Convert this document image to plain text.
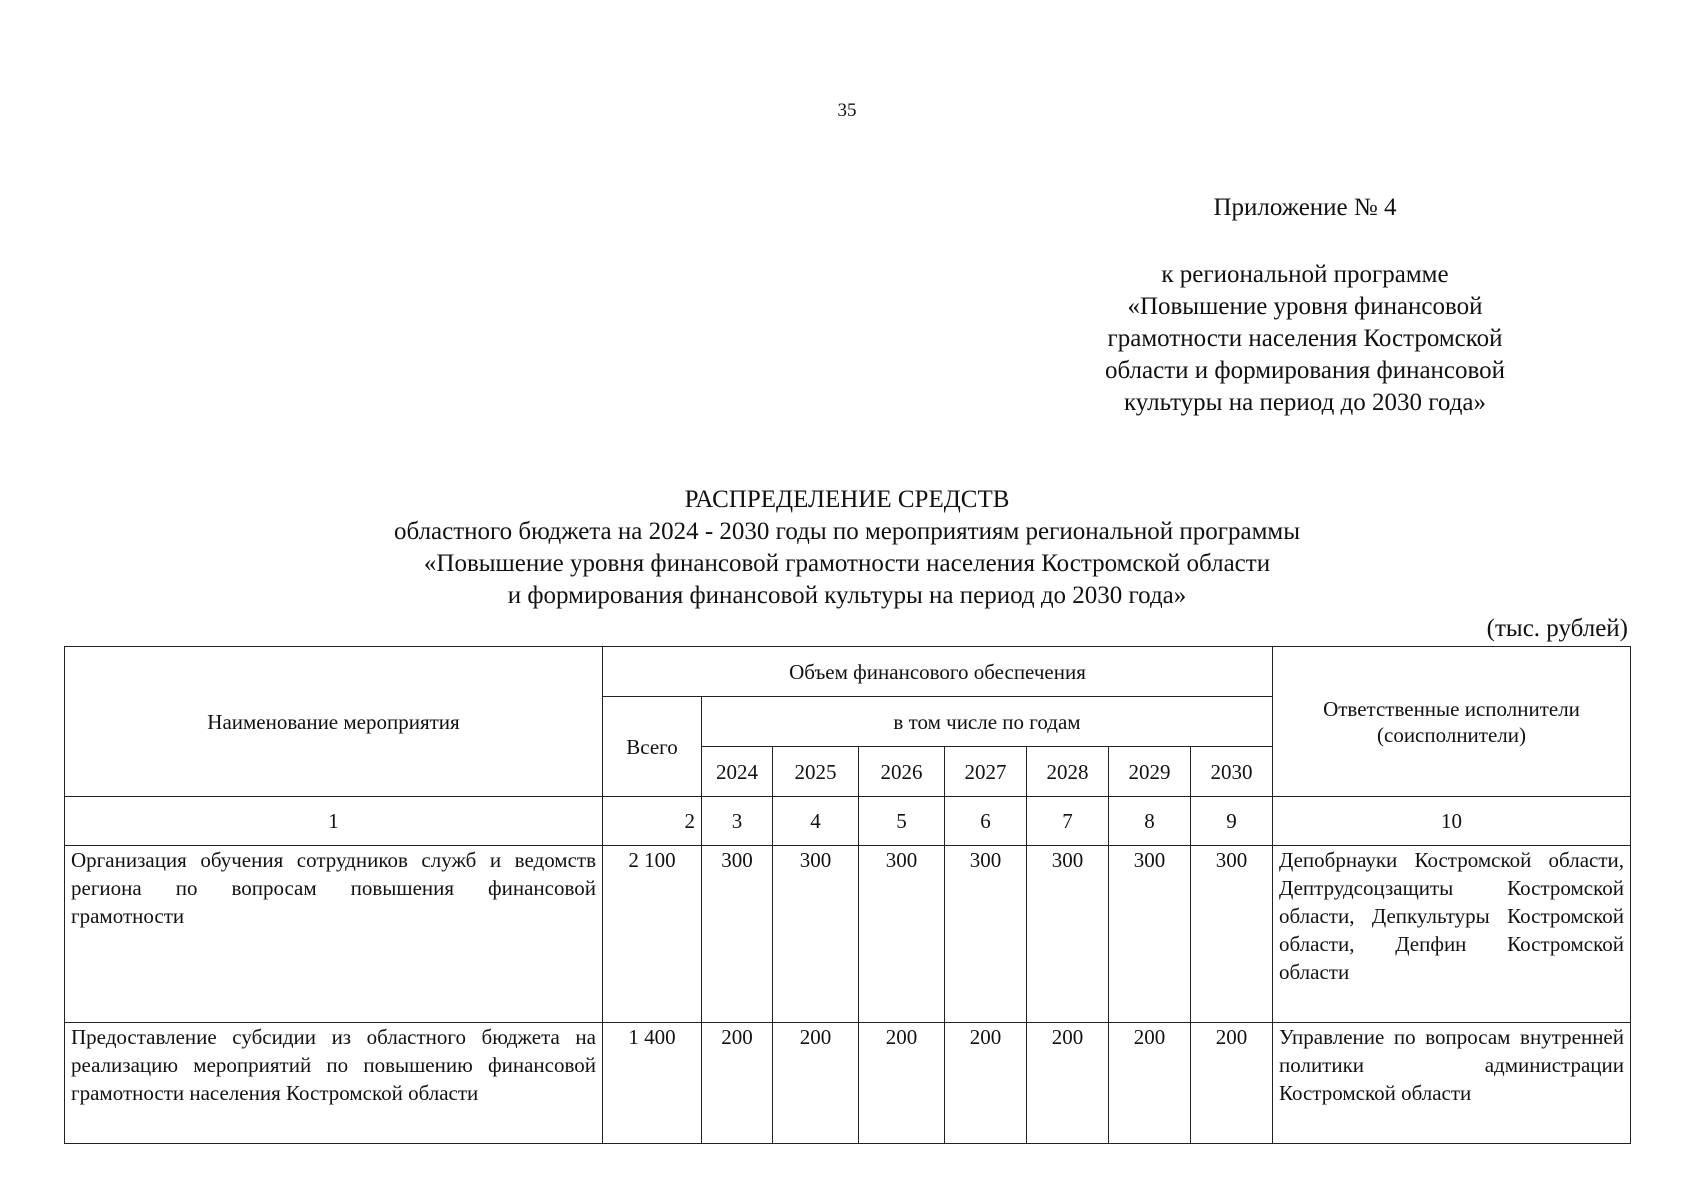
35
Приложение № 4
к региональной программе
«Повышение уровня финансовой
грамотности населения Костромской
области и формирования финансовой
культуры на период до 2030 года»
РАСПРЕДЕЛЕНИЕ СРЕДСТВ
областного бюджета на 2024 - 2030 годы по мероприятиям региональной программы
«Повышение уровня финансовой грамотности населения Костромской области
и формирования финансовой культуры на период до 2030 года»
(тыс. рублей)
Наименование мероприятия	Объем финансового обеспечения								Ответственные исполнители (соисполнители)
	Всего	в том числе по годам							
		2024	2025	2026	2027	2028	2029	2030	
1	2	3	4	5	6	7	8	9	10
Организация обучения сотрудников служб и ведомств региона по вопросам повышения финансовой грамотности	2 100	300	300	300	300	300	300	300	Депобрнауки Костромской области, Дептрудсоцзащиты Костромской области, Депкультуры Костромской области, Депфин Костромской области
Предоставление субсидии из областного бюджета на реализацию мероприятий по повышению финансовой грамотности населения Костромской области	1 400	200	200	200	200	200	200	200	Управление по вопросам внутренней политики администрации Костромской области
